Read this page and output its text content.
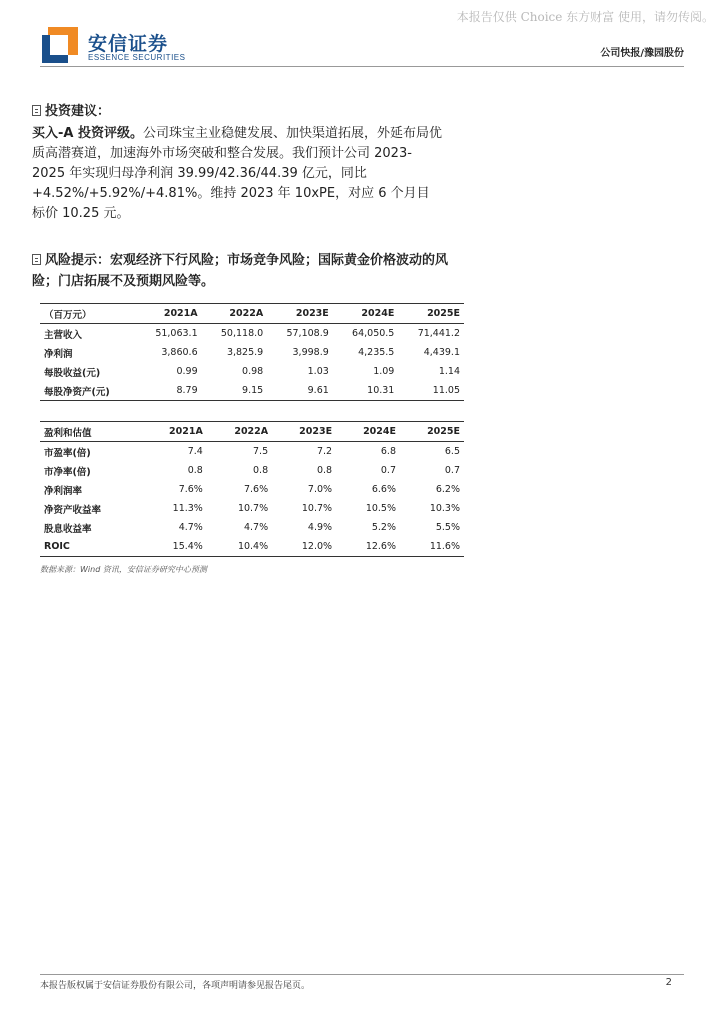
本报告仅供 Choice 东方财富 使用，请勿传阅。
安信证券
ESSENCE SECURITIES	公司快报/豫园股份
投资建议：
买入-A 投资评级。公司珠宝主业稳健发展、加快渠道拓展，外延布局优质高潜赛道，加速海外市场突破和整合发展。我们预计公司 2023-2025 年实现归母净利润 39.99/42.36/44.39 亿元，同比+4.52%/+5.92%/+4.81%。维持 2023 年 10xPE，对应 6 个月目标价 10.25 元。
风险提示：宏观经济下行风险；市场竞争风险；国际黄金价格波动的风险；门店拓展不及预期风险等。
（百万元）	2021A	2022A	2023E	2024E	2025E
主营收入	51,063.1	50,118.0	57,108.9	64,050.5	71,441.2
净利润	3,860.6	3,825.9	3,998.9	4,235.5	4,439.1
每股收益(元)	0.99	0.98	1.03	1.09	1.14
每股净资产(元)	8.79	9.15	9.61	10.31	11.05
盈利和估值	2021A	2022A	2023E	2024E	2025E
市盈率(倍)	7.4	7.5	7.2	6.8	6.5
市净率(倍)	0.8	0.8	0.8	0.7	0.7
净利润率	7.6%	7.6%	7.0%	6.6%	6.2%
净资产收益率	11.3%	10.7%	10.7%	10.5%	10.3%
股息收益率	4.7%	4.7%	4.9%	5.2%	5.5%
ROIC	15.4%	10.4%	12.0%	12.6%	11.6%
数据来源：Wind 资讯，安信证券研究中心预测
本报告版权属于安信证券股份有限公司，各项声明请参见报告尾页。	2
